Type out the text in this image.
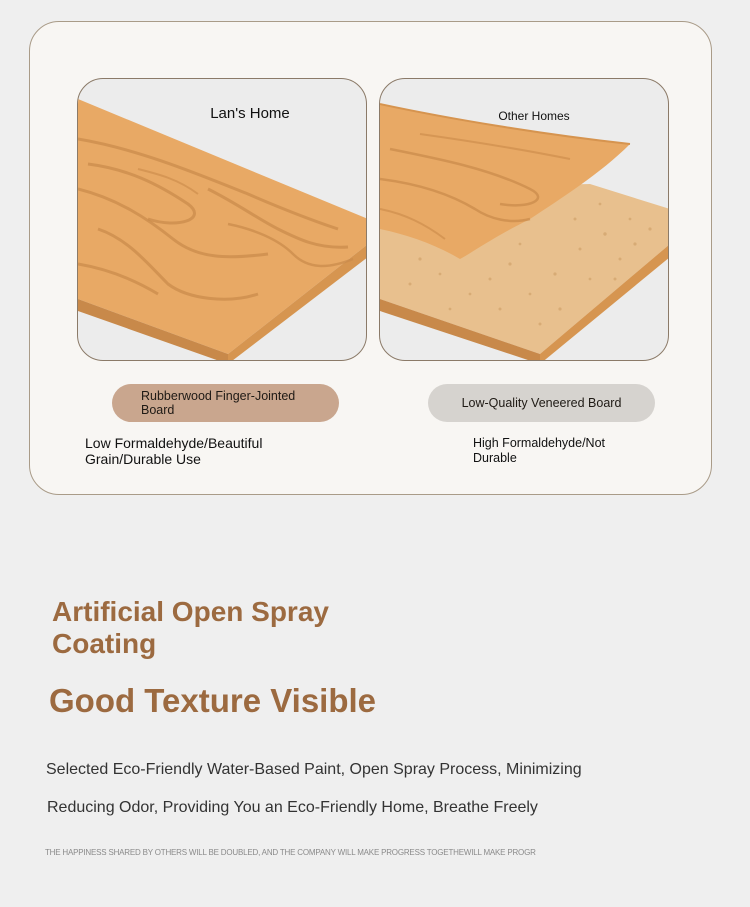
Lan's Home	Other Homes
Rubberwood Finger-Jointed Board	Low-Quality Veneered Board
Low Formaldehyde/Beautiful Grain/Durable Use
High Formaldehyde/Not Durable
Artificial Open Spray Coating
Good Texture Visible
Selected Eco-Friendly Water-Based Paint, Open Spray Process, Minimizing
Reducing Odor, Providing You an Eco-Friendly Home, Breathe Freely
THE HAPPINESS SHARED BY OTHERS WILL BE DOUBLED, AND THE COMPANY WILL MAKE PROGRESS TOGETHEWILL MAKE PROGR
